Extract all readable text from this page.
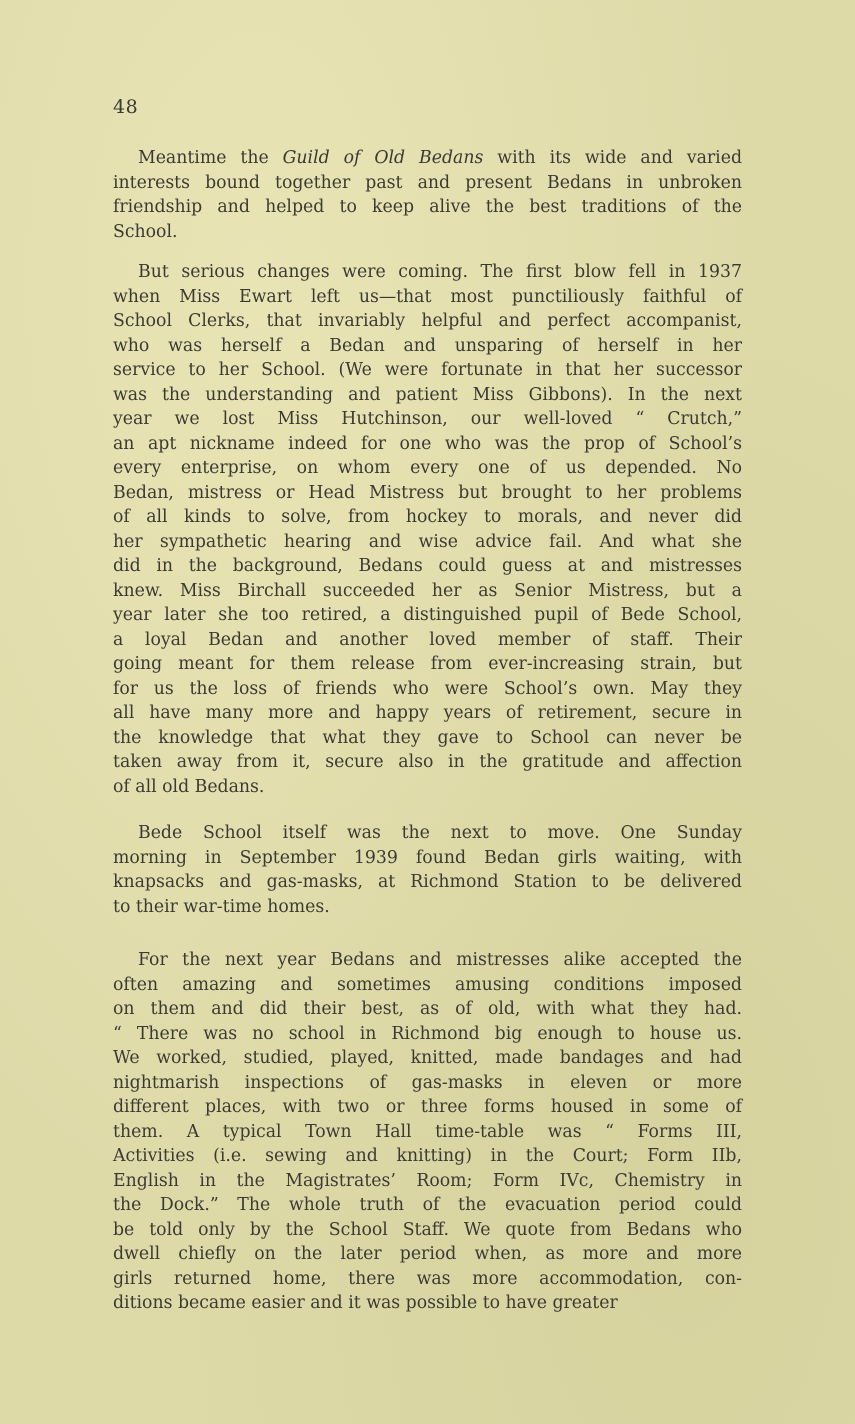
48
Meantime the Guild of Old Bedans with its wide and varied
interests bound together past and present Bedans in unbroken
friendship and helped to keep alive the best traditions of the
School.
But serious changes were coming. The first blow fell in 1937
when Miss Ewart left us—that most punctiliously faithful of
School Clerks, that invariably helpful and perfect accompanist,
who was herself a Bedan and unsparing of herself in her
service to her School. (We were fortunate in that her successor
was the understanding and patient Miss Gibbons). In the next
year we lost Miss Hutchinson, our well-loved “ Crutch,”
an apt nickname indeed for one who was the prop of School’s
every enterprise, on whom every one of us depended. No
Bedan, mistress or Head Mistress but brought to her problems
of all kinds to solve, from hockey to morals, and never did
her sympathetic hearing and wise advice fail. And what she
did in the background, Bedans could guess at and mistresses
knew. Miss Birchall succeeded her as Senior Mistress, but a
year later she too retired, a distinguished pupil of Bede School,
a loyal Bedan and another loved member of staff. Their
going meant for them release from ever-increasing strain, but
for us the loss of friends who were School’s own. May they
all have many more and happy years of retirement, secure in
the knowledge that what they gave to School can never be
taken away from it, secure also in the gratitude and affection
of all old Bedans.
Bede School itself was the next to move. One Sunday
morning in September 1939 found Bedan girls waiting, with
knapsacks and gas-masks, at Richmond Station to be delivered
to their war-time homes.
For the next year Bedans and mistresses alike accepted the
often amazing and sometimes amusing conditions imposed
on them and did their best, as of old, with what they had.
“ There was no school in Richmond big enough to house us.
We worked, studied, played, knitted, made bandages and had
nightmarish inspections of gas-masks in eleven or more
different places, with two or three forms housed in some of
them. A typical Town Hall time-table was “ Forms III,
Activities (i.e. sewing and knitting) in the Court; Form IIb,
English in the Magistrates’ Room; Form IVc, Chemistry in
the Dock.” The whole truth of the evacuation period could
be told only by the School Staff. We quote from Bedans who
dwell chiefly on the later period when, as more and more
girls returned home, there was more accommodation, con-
ditions became easier and it was possible to have greater
